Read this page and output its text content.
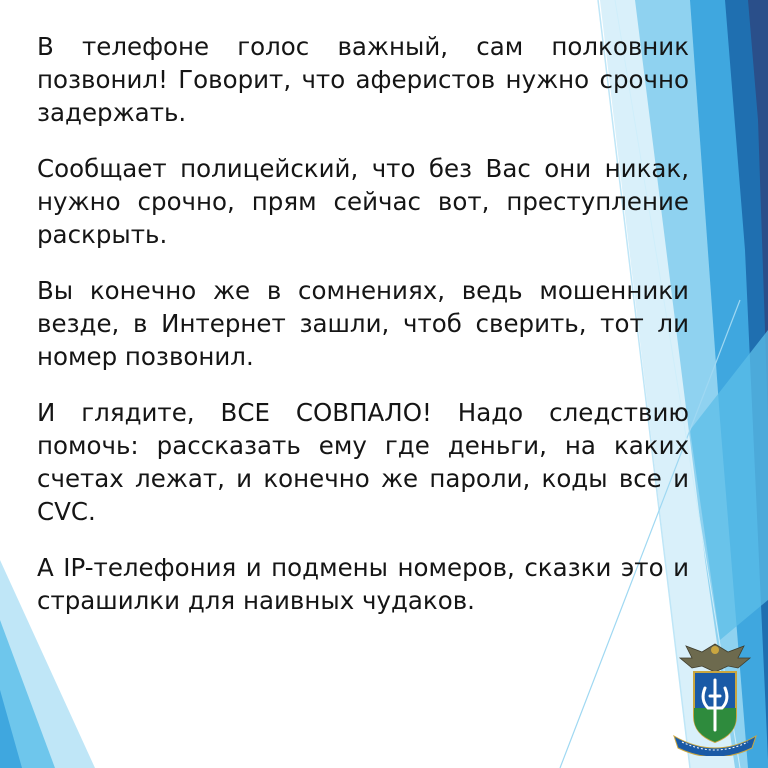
В телефоне голос важный, сам полковник позвонил! Говорит, что аферистов нужно срочно задержать.

Сообщает полицейский, что без Вас они никак, нужно срочно, прям сейчас вот, преступление раскрыть.

Вы конечно же в сомнениях, ведь мошенники везде, в Интернет зашли, чтоб сверить, тот ли номер позвонил.

И глядите, ВСЕ СОВПАЛО! Надо следствию помочь: рассказать ему где деньги, на каких счетах лежат, и конечно же пароли, коды все и CVC.

А IP-телефония и подмены номеров, сказки это и страшилки для наивных чудаков.
